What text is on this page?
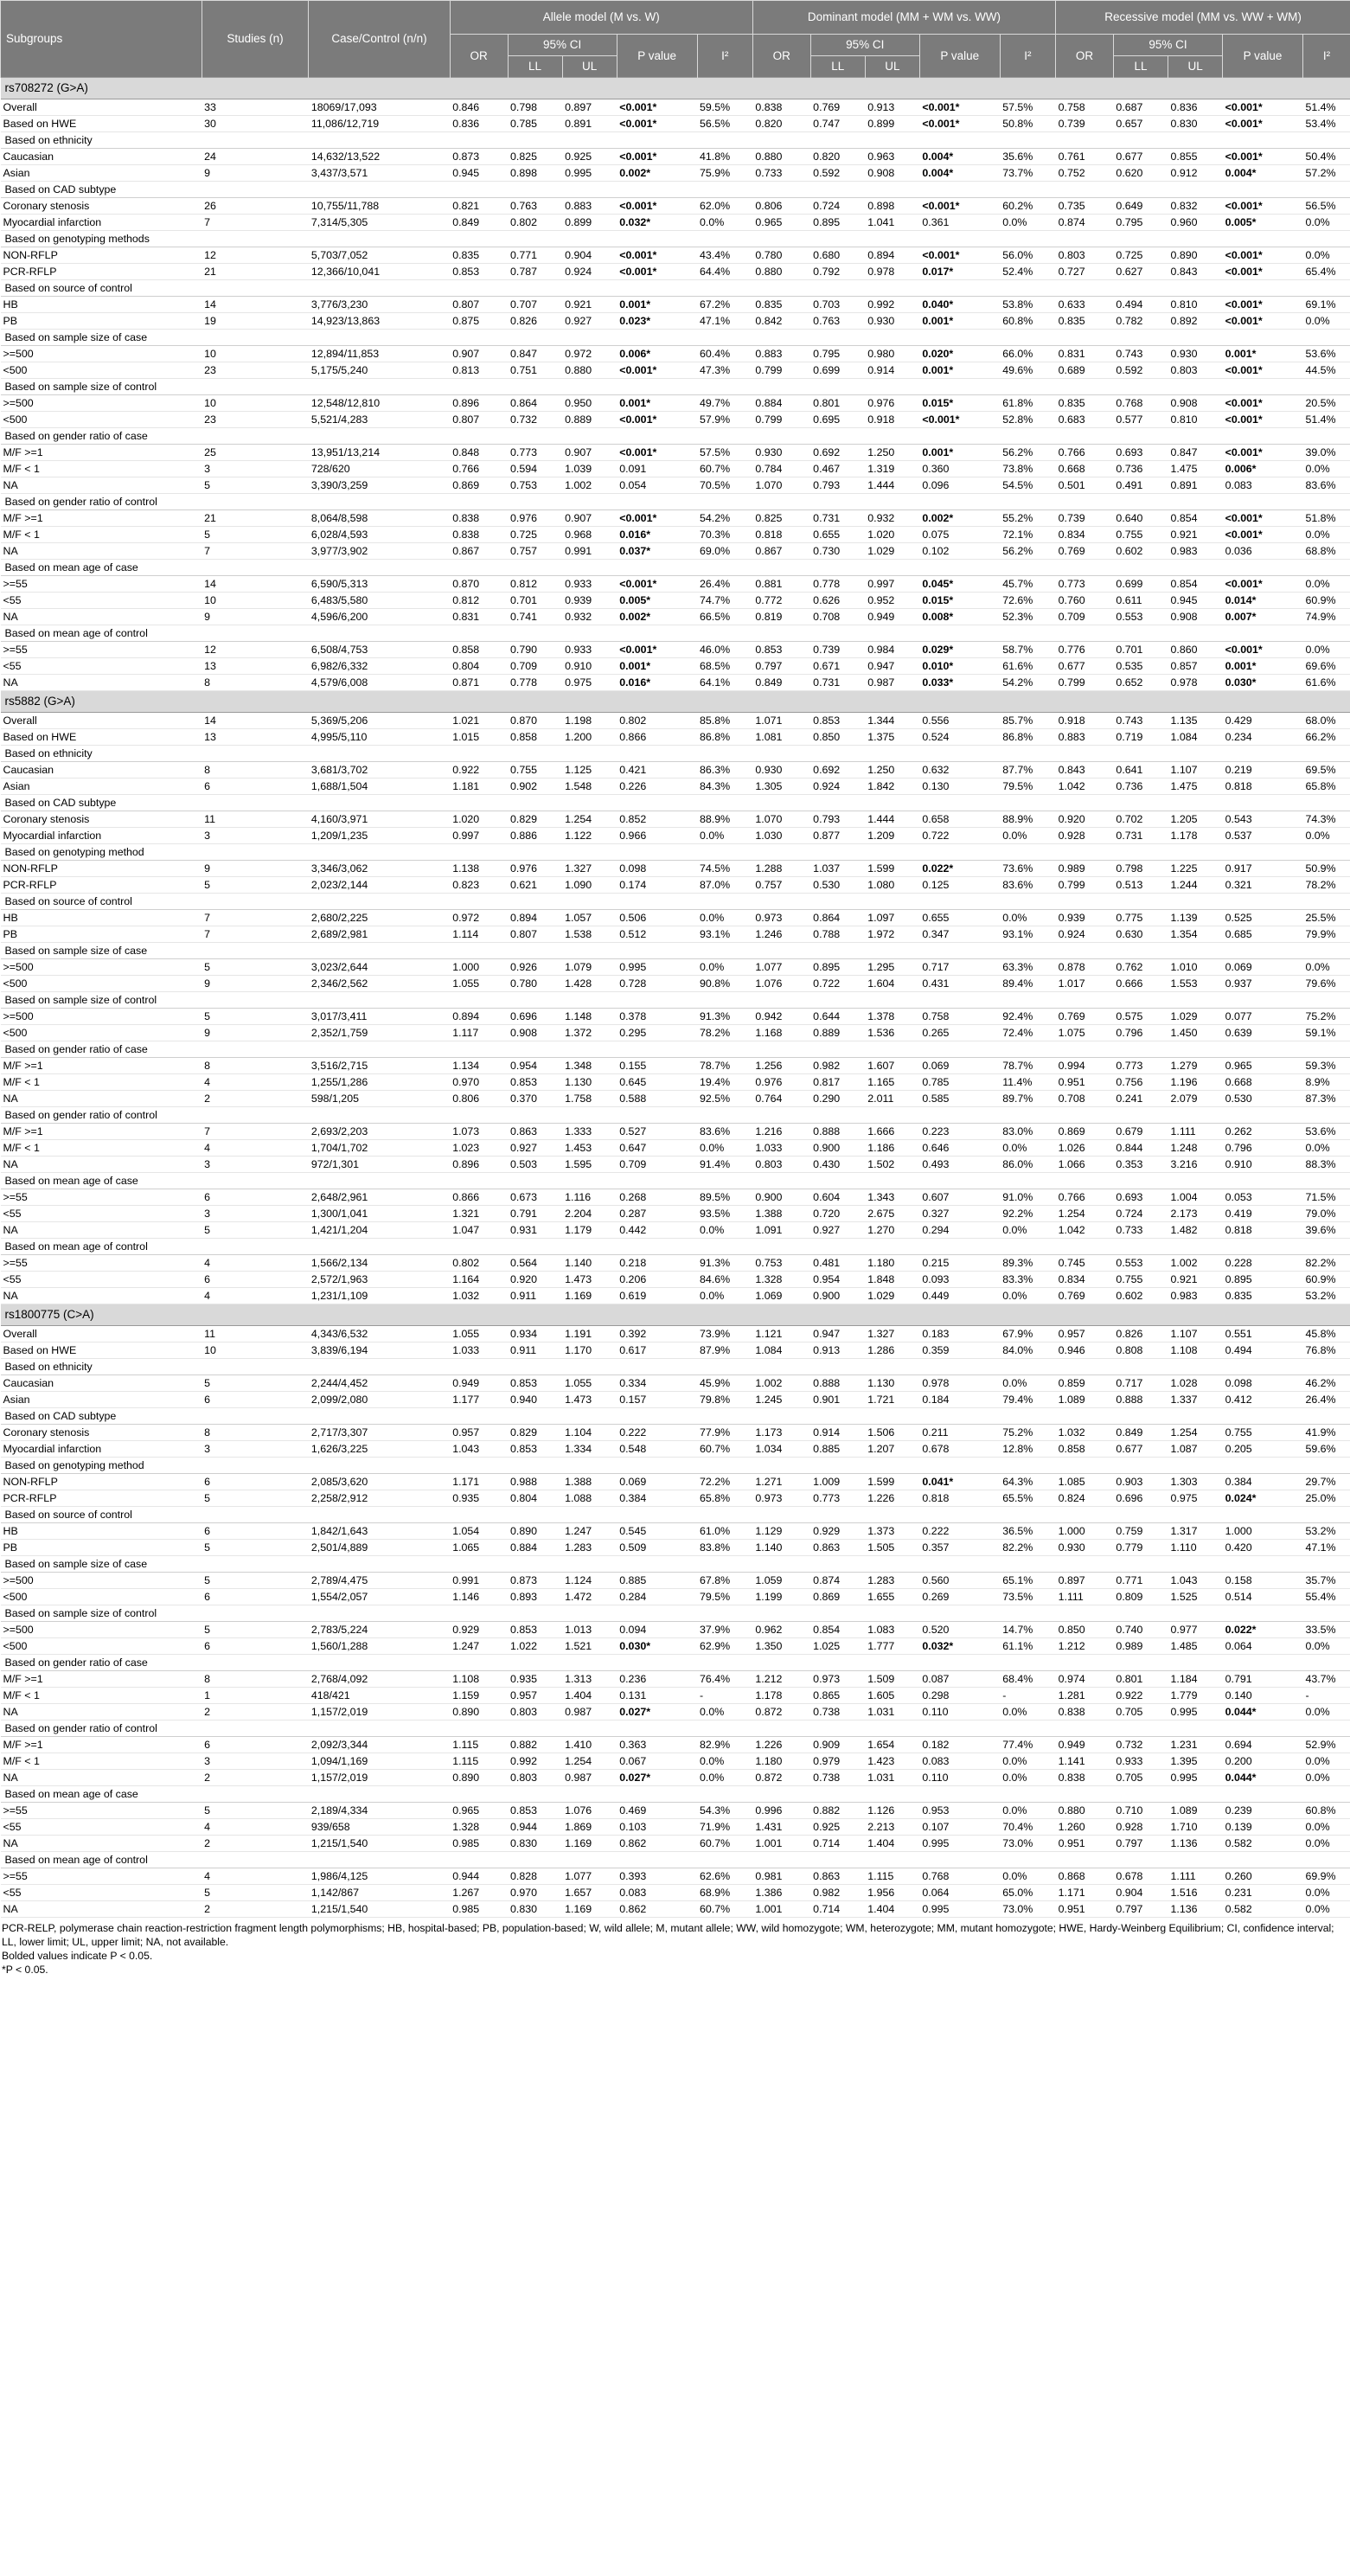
Subgroups	Studies (n)	Case/Control (n/n)	Allele model (M vs. W)					Dominant model (MM + WM vs. WW)					Recessive model (MM vs. WW + WM)				
			OR	95% CI		P value	I²	OR	95% CI		P value	I²	OR	95% CI		P value	I²
				LL	UL				LL	UL				LL	UL		
rs708272 (G>A)																	
Overall	33	18069/17,093	0.846	0.798	0.897	<0.001*	59.5%	0.838	0.769	0.913	<0.001*	57.5%	0.758	0.687	0.836	<0.001*	51.4%
Based on HWE	30	11,086/12,719	0.836	0.785	0.891	<0.001*	56.5%	0.820	0.747	0.899	<0.001*	50.8%	0.739	0.657	0.830	<0.001*	53.4%
Based on ethnicity																	
Caucasian	24	14,632/13,522	0.873	0.825	0.925	<0.001*	41.8%	0.880	0.820	0.963	0.004*	35.6%	0.761	0.677	0.855	<0.001*	50.4%
Asian	9	3,437/3,571	0.945	0.898	0.995	0.002*	75.9%	0.733	0.592	0.908	0.004*	73.7%	0.752	0.620	0.912	0.004*	57.2%
Based on CAD subtype																	
Coronary stenosis	26	10,755/11,788	0.821	0.763	0.883	<0.001*	62.0%	0.806	0.724	0.898	<0.001*	60.2%	0.735	0.649	0.832	<0.001*	56.5%
Myocardial infarction	7	7,314/5,305	0.849	0.802	0.899	0.032*	0.0%	0.965	0.895	1.041	0.361	0.0%	0.874	0.795	0.960	0.005*	0.0%
Based on genotyping methods																	
NON-RFLP	12	5,703/7,052	0.835	0.771	0.904	<0.001*	43.4%	0.780	0.680	0.894	<0.001*	56.0%	0.803	0.725	0.890	<0.001*	0.0%
PCR-RFLP	21	12,366/10,041	0.853	0.787	0.924	<0.001*	64.4%	0.880	0.792	0.978	0.017*	52.4%	0.727	0.627	0.843	<0.001*	65.4%
Based on source of control																	
HB	14	3,776/3,230	0.807	0.707	0.921	0.001*	67.2%	0.835	0.703	0.992	0.040*	53.8%	0.633	0.494	0.810	<0.001*	69.1%
PB	19	14,923/13,863	0.875	0.826	0.927	0.023*	47.1%	0.842	0.763	0.930	0.001*	60.8%	0.835	0.782	0.892	<0.001*	0.0%
Based on sample size of case																	
>=500	10	12,894/11,853	0.907	0.847	0.972	0.006*	60.4%	0.883	0.795	0.980	0.020*	66.0%	0.831	0.743	0.930	0.001*	53.6%
<500	23	5,175/5,240	0.813	0.751	0.880	<0.001*	47.3%	0.799	0.699	0.914	0.001*	49.6%	0.689	0.592	0.803	<0.001*	44.5%
Based on sample size of control																	
>=500	10	12,548/12,810	0.896	0.864	0.950	0.001*	49.7%	0.884	0.801	0.976	0.015*	61.8%	0.835	0.768	0.908	<0.001*	20.5%
<500	23	5,521/4,283	0.807	0.732	0.889	<0.001*	57.9%	0.799	0.695	0.918	<0.001*	52.8%	0.683	0.577	0.810	<0.001*	51.4%
Based on gender ratio of case																	
M/F >=1	25	13,951/13,214	0.848	0.773	0.907	<0.001*	57.5%	0.930	0.692	1.250	0.001*	56.2%	0.766	0.693	0.847	<0.001*	39.0%
M/F < 1	3	728/620	0.766	0.594	1.039	0.091	60.7%	0.784	0.467	1.319	0.360	73.8%	0.668	0.736	1.475	0.006*	0.0%
NA	5	3,390/3,259	0.869	0.753	1.002	0.054	70.5%	1.070	0.793	1.444	0.096	54.5%	0.501	0.491	0.891	0.083	83.6%
Based on gender ratio of control																	
M/F >=1	21	8,064/8,598	0.838	0.976	0.907	<0.001*	54.2%	0.825	0.731	0.932	0.002*	55.2%	0.739	0.640	0.854	<0.001*	51.8%
M/F < 1	5	6,028/4,593	0.838	0.725	0.968	0.016*	70.3%	0.818	0.655	1.020	0.075	72.1%	0.834	0.755	0.921	<0.001*	0.0%
NA	7	3,977/3,902	0.867	0.757	0.991	0.037*	69.0%	0.867	0.730	1.029	0.102	56.2%	0.769	0.602	0.983	0.036	68.8%
Based on mean age of case																	
>=55	14	6,590/5,313	0.870	0.812	0.933	<0.001*	26.4%	0.881	0.778	0.997	0.045*	45.7%	0.773	0.699	0.854	<0.001*	0.0%
<55	10	6,483/5,580	0.812	0.701	0.939	0.005*	74.7%	0.772	0.626	0.952	0.015*	72.6%	0.760	0.611	0.945	0.014*	60.9%
NA	9	4,596/6,200	0.831	0.741	0.932	0.002*	66.5%	0.819	0.708	0.949	0.008*	52.3%	0.709	0.553	0.908	0.007*	74.9%
Based on mean age of control																	
>=55	12	6,508/4,753	0.858	0.790	0.933	<0.001*	46.0%	0.853	0.739	0.984	0.029*	58.7%	0.776	0.701	0.860	<0.001*	0.0%
<55	13	6,982/6,332	0.804	0.709	0.910	0.001*	68.5%	0.797	0.671	0.947	0.010*	61.6%	0.677	0.535	0.857	0.001*	69.6%
NA	8	4,579/6,008	0.871	0.778	0.975	0.016*	64.1%	0.849	0.731	0.987	0.033*	54.2%	0.799	0.652	0.978	0.030*	61.6%
rs5882 (G>A)																	
Overall	14	5,369/5,206	1.021	0.870	1.198	0.802	85.8%	1.071	0.853	1.344	0.556	85.7%	0.918	0.743	1.135	0.429	68.0%
Based on HWE	13	4,995/5,110	1.015	0.858	1.200	0.866	86.8%	1.081	0.850	1.375	0.524	86.8%	0.883	0.719	1.084	0.234	66.2%
Based on ethnicity																	
Caucasian	8	3,681/3,702	0.922	0.755	1.125	0.421	86.3%	0.930	0.692	1.250	0.632	87.7%	0.843	0.641	1.107	0.219	69.5%
Asian	6	1,688/1,504	1.181	0.902	1.548	0.226	84.3%	1.305	0.924	1.842	0.130	79.5%	1.042	0.736	1.475	0.818	65.8%
Based on CAD subtype																	
Coronary stenosis	11	4,160/3,971	1.020	0.829	1.254	0.852	88.9%	1.070	0.793	1.444	0.658	88.9%	0.920	0.702	1.205	0.543	74.3%
Myocardial infarction	3	1,209/1,235	0.997	0.886	1.122	0.966	0.0%	1.030	0.877	1.209	0.722	0.0%	0.928	0.731	1.178	0.537	0.0%
Based on genotyping method																	
NON-RFLP	9	3,346/3,062	1.138	0.976	1.327	0.098	74.5%	1.288	1.037	1.599	0.022*	73.6%	0.989	0.798	1.225	0.917	50.9%
PCR-RFLP	5	2,023/2,144	0.823	0.621	1.090	0.174	87.0%	0.757	0.530	1.080	0.125	83.6%	0.799	0.513	1.244	0.321	78.2%
Based on source of control																	
HB	7	2,680/2,225	0.972	0.894	1.057	0.506	0.0%	0.973	0.864	1.097	0.655	0.0%	0.939	0.775	1.139	0.525	25.5%
PB	7	2,689/2,981	1.114	0.807	1.538	0.512	93.1%	1.246	0.788	1.972	0.347	93.1%	0.924	0.630	1.354	0.685	79.9%
Based on sample size of case																	
>=500	5	3,023/2,644	1.000	0.926	1.079	0.995	0.0%	1.077	0.895	1.295	0.717	63.3%	0.878	0.762	1.010	0.069	0.0%
<500	9	2,346/2,562	1.055	0.780	1.428	0.728	90.8%	1.076	0.722	1.604	0.431	89.4%	1.017	0.666	1.553	0.937	79.6%
Based on sample size of control																	
>=500	5	3,017/3,411	0.894	0.696	1.148	0.378	91.3%	0.942	0.644	1.378	0.758	92.4%	0.769	0.575	1.029	0.077	75.2%
<500	9	2,352/1,759	1.117	0.908	1.372	0.295	78.2%	1.168	0.889	1.536	0.265	72.4%	1.075	0.796	1.450	0.639	59.1%
Based on gender ratio of case																	
M/F >=1	8	3,516/2,715	1.134	0.954	1.348	0.155	78.7%	1.256	0.982	1.607	0.069	78.7%	0.994	0.773	1.279	0.965	59.3%
M/F < 1	4	1,255/1,286	0.970	0.853	1.130	0.645	19.4%	0.976	0.817	1.165	0.785	11.4%	0.951	0.756	1.196	0.668	8.9%
NA	2	598/1,205	0.806	0.370	1.758	0.588	92.5%	0.764	0.290	2.011	0.585	89.7%	0.708	0.241	2.079	0.530	87.3%
Based on gender ratio of control																	
M/F >=1	7	2,693/2,203	1.073	0.863	1.333	0.527	83.6%	1.216	0.888	1.666	0.223	83.0%	0.869	0.679	1.111	0.262	53.6%
M/F < 1	4	1,704/1,702	1.023	0.927	1.453	0.647	0.0%	1.033	0.900	1.186	0.646	0.0%	1.026	0.844	1.248	0.796	0.0%
NA	3	972/1,301	0.896	0.503	1.595	0.709	91.4%	0.803	0.430	1.502	0.493	86.0%	1.066	0.353	3.216	0.910	88.3%
Based on mean age of case																	
>=55	6	2,648/2,961	0.866	0.673	1.116	0.268	89.5%	0.900	0.604	1.343	0.607	91.0%	0.766	0.693	1.004	0.053	71.5%
<55	3	1,300/1,041	1.321	0.791	2.204	0.287	93.5%	1.388	0.720	2.675	0.327	92.2%	1.254	0.724	2.173	0.419	79.0%
NA	5	1,421/1,204	1.047	0.931	1.179	0.442	0.0%	1.091	0.927	1.270	0.294	0.0%	1.042	0.733	1.482	0.818	39.6%
Based on mean age of control																	
>=55	4	1,566/2,134	0.802	0.564	1.140	0.218	91.3%	0.753	0.481	1.180	0.215	89.3%	0.745	0.553	1.002	0.228	82.2%
<55	6	2,572/1,963	1.164	0.920	1.473	0.206	84.6%	1.328	0.954	1.848	0.093	83.3%	0.834	0.755	0.921	0.895	60.9%
NA	4	1,231/1,109	1.032	0.911	1.169	0.619	0.0%	1.069	0.900	1.029	0.449	0.0%	0.769	0.602	0.983	0.835	53.2%
rs1800775 (C>A)																	
Overall	11	4,343/6,532	1.055	0.934	1.191	0.392	73.9%	1.121	0.947	1.327	0.183	67.9%	0.957	0.826	1.107	0.551	45.8%
Based on HWE	10	3,839/6,194	1.033	0.911	1.170	0.617	87.9%	1.084	0.913	1.286	0.359	84.0%	0.946	0.808	1.108	0.494	76.8%
Based on ethnicity																	
Caucasian	5	2,244/4,452	0.949	0.853	1.055	0.334	45.9%	1.002	0.888	1.130	0.978	0.0%	0.859	0.717	1.028	0.098	46.2%
Asian	6	2,099/2,080	1.177	0.940	1.473	0.157	79.8%	1.245	0.901	1.721	0.184	79.4%	1.089	0.888	1.337	0.412	26.4%
Based on CAD subtype																	
Coronary stenosis	8	2,717/3,307	0.957	0.829	1.104	0.222	77.9%	1.173	0.914	1.506	0.211	75.2%	1.032	0.849	1.254	0.755	41.9%
Myocardial infarction	3	1,626/3,225	1.043	0.853	1.334	0.548	60.7%	1.034	0.885	1.207	0.678	12.8%	0.858	0.677	1.087	0.205	59.6%
Based on genotyping method																	
NON-RFLP	6	2,085/3,620	1.171	0.988	1.388	0.069	72.2%	1.271	1.009	1.599	0.041*	64.3%	1.085	0.903	1.303	0.384	29.7%
PCR-RFLP	5	2,258/2,912	0.935	0.804	1.088	0.384	65.8%	0.973	0.773	1.226	0.818	65.5%	0.824	0.696	0.975	0.024*	25.0%
Based on source of control																	
HB	6	1,842/1,643	1.054	0.890	1.247	0.545	61.0%	1.129	0.929	1.373	0.222	36.5%	1.000	0.759	1.317	1.000	53.2%
PB	5	2,501/4,889	1.065	0.884	1.283	0.509	83.8%	1.140	0.863	1.505	0.357	82.2%	0.930	0.779	1.110	0.420	47.1%
Based on sample size of case																	
>=500	5	2,789/4,475	0.991	0.873	1.124	0.885	67.8%	1.059	0.874	1.283	0.560	65.1%	0.897	0.771	1.043	0.158	35.7%
<500	6	1,554/2,057	1.146	0.893	1.472	0.284	79.5%	1.199	0.869	1.655	0.269	73.5%	1.111	0.809	1.525	0.514	55.4%
Based on sample size of control																	
>=500	5	2,783/5,224	0.929	0.853	1.013	0.094	37.9%	0.962	0.854	1.083	0.520	14.7%	0.850	0.740	0.977	0.022*	33.5%
<500	6	1,560/1,288	1.247	1.022	1.521	0.030*	62.9%	1.350	1.025	1.777	0.032*	61.1%	1.212	0.989	1.485	0.064	0.0%
Based on gender ratio of case																	
M/F >=1	8	2,768/4,092	1.108	0.935	1.313	0.236	76.4%	1.212	0.973	1.509	0.087	68.4%	0.974	0.801	1.184	0.791	43.7%
M/F < 1	1	418/421	1.159	0.957	1.404	0.131	-	1.178	0.865	1.605	0.298	-	1.281	0.922	1.779	0.140	-
NA	2	1,157/2,019	0.890	0.803	0.987	0.027*	0.0%	0.872	0.738	1.031	0.110	0.0%	0.838	0.705	0.995	0.044*	0.0%
Based on gender ratio of control																	
M/F >=1	6	2,092/3,344	1.115	0.882	1.410	0.363	82.9%	1.226	0.909	1.654	0.182	77.4%	0.949	0.732	1.231	0.694	52.9%
M/F < 1	3	1,094/1,169	1.115	0.992	1.254	0.067	0.0%	1.180	0.979	1.423	0.083	0.0%	1.141	0.933	1.395	0.200	0.0%
NA	2	1,157/2,019	0.890	0.803	0.987	0.027*	0.0%	0.872	0.738	1.031	0.110	0.0%	0.838	0.705	0.995	0.044*	0.0%
Based on mean age of case																	
>=55	5	2,189/4,334	0.965	0.853	1.076	0.469	54.3%	0.996	0.882	1.126	0.953	0.0%	0.880	0.710	1.089	0.239	60.8%
<55	4	939/658	1.328	0.944	1.869	0.103	71.9%	1.431	0.925	2.213	0.107	70.4%	1.260	0.928	1.710	0.139	0.0%
NA	2	1,215/1,540	0.985	0.830	1.169	0.862	60.7%	1.001	0.714	1.404	0.995	73.0%	0.951	0.797	1.136	0.582	0.0%
Based on mean age of control																	
>=55	4	1,986/4,125	0.944	0.828	1.077	0.393	62.6%	0.981	0.863	1.115	0.768	0.0%	0.868	0.678	1.111	0.260	69.9%
<55	5	1,142/867	1.267	0.970	1.657	0.083	68.9%	1.386	0.982	1.956	0.064	65.0%	1.171	0.904	1.516	0.231	0.0%
NA	2	1,215/1,540	0.985	0.830	1.169	0.862	60.7%	1.001	0.714	1.404	0.995	73.0%	0.951	0.797	1.136	0.582	0.0%
PCR-RELP, polymerase chain reaction-restriction fragment length polymorphisms; HB, hospital-based; PB, population-based; W, wild allele; M, mutant allele; WW, wild homozygote; WM, heterozygote; MM, mutant homozygote; HWE, Hardy-Weinberg Equilibrium; CI, confidence interval; LL, lower limit; UL, upper limit; NA, not available.
Bolded values indicate P < 0.05.
*P < 0.05.
